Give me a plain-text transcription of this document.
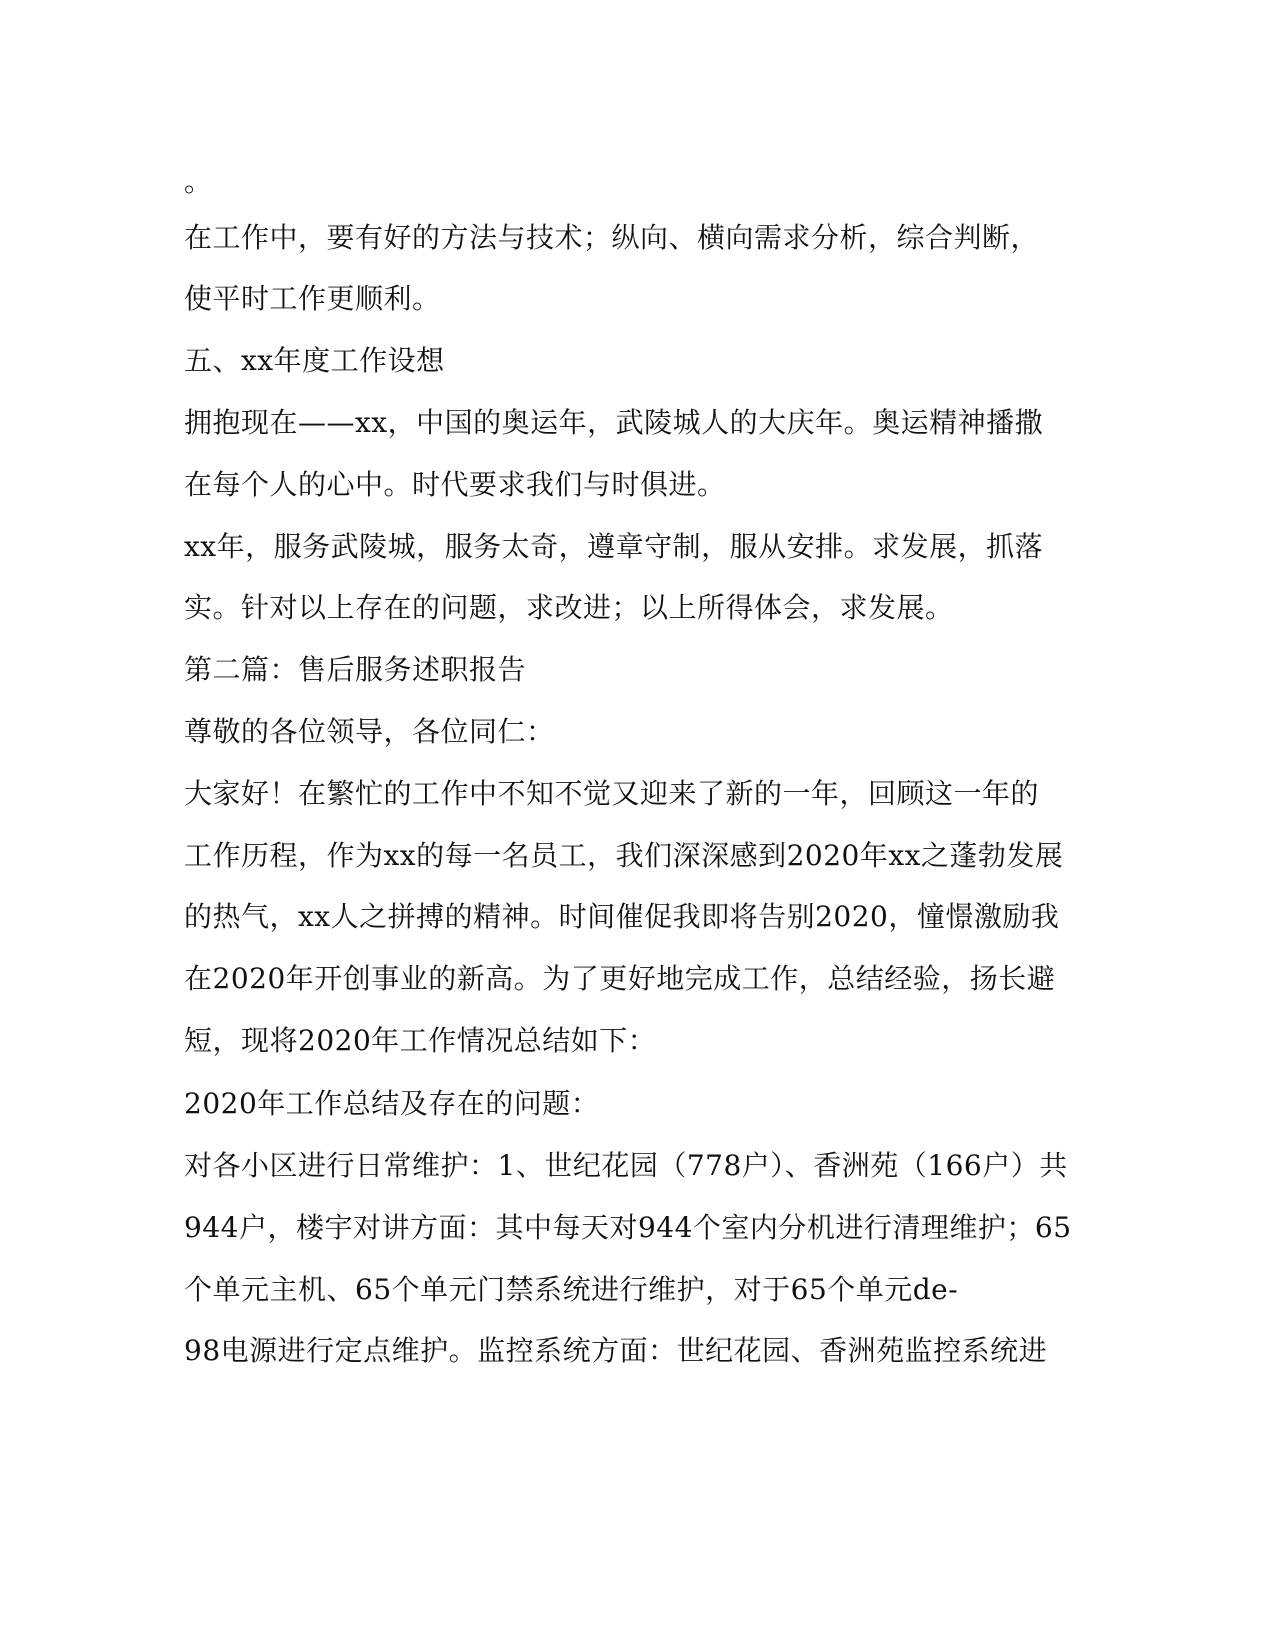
。
在工作中，要有好的方法与技术；纵向、横向需求分析，综合判断，
使平时工作更顺利。
五、xx年度工作设想
拥抱现在——xx，中国的奥运年，武陵城人的大庆年。奥运精神播撒
在每个人的心中。时代要求我们与时俱进。
xx年，服务武陵城，服务太奇，遵章守制，服从安排。求发展，抓落
实。针对以上存在的问题，求改进；以上所得体会，求发展。
第二篇：售后服务述职报告
尊敬的各位领导，各位同仁：
大家好！在繁忙的工作中不知不觉又迎来了新的一年，回顾这一年的
工作历程，作为xx的每一名员工，我们深深感到2020年xx之蓬勃发展
的热气，xx人之拼搏的精神。时间催促我即将告别2020，憧憬激励我
在2020年开创事业的新高。为了更好地完成工作，总结经验，扬长避
短，现将2020年工作情况总结如下：
2020年工作总结及存在的问题：
对各小区进行日常维护：1、世纪花园（778户）、香洲苑（166户）共
944户，楼宇对讲方面：其中每天对944个室内分机进行清理维护；65
个单元主机、65个单元门禁系统进行维护，对于65个单元de-
98电源进行定点维护。监控系统方面：世纪花园、香洲苑监控系统进
